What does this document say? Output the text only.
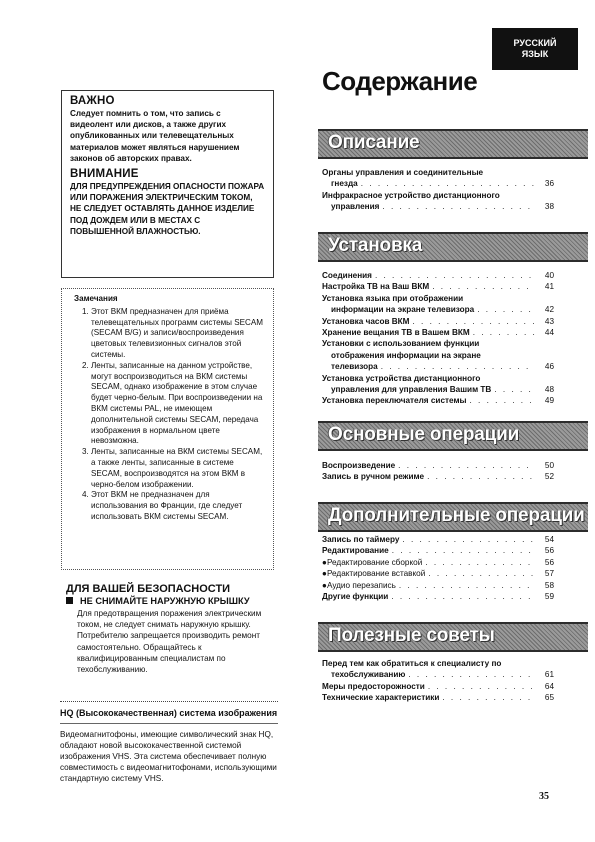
РУССКИЙ
ЯЗЫК
Содержание
ВАЖНО
Следует помнить о том, что запись с видеолент или дисков, а также других опубликованных или телевещательных материалов может являться нарушением законов об авторских правах.
ВНИМАНИЕ
ДЛЯ ПРЕДУПРЕЖДЕНИЯ ОПАСНОСТИ ПОЖАРА ИЛИ ПОРАЖЕНИЯ ЭЛЕКТРИЧЕСКИМ ТОКОМ, НЕ СЛЕДУЕТ ОСТАВЛЯТЬ ДАННОЕ ИЗДЕЛИЕ ПОД ДОЖДЕМ ИЛИ В МЕСТАХ С ПОВЫШЕННОЙ ВЛАЖНОСТЬЮ.
Замечания
1. Этот ВКМ предназначен для приёма телевещательных программ системы SECAM (SECAM B/G) и записи/воспроизведения цветовых телевизионных сигналов этой системы.
2. Ленты, записанные на данном устройстве, могут воспроизводиться на ВКМ системы SECAM, однако изображение в этом случае будет черно-белым. При воспроизведении на ВКМ системы PAL, не имеющем дополнительной системы SECAM, передача изображения в нормальном цвете невозможна.
3. Ленты, записанные на ВКМ системы SECAM, а также ленты, записанные в системе SECAM, воспроизводятся на этом ВКМ в черно-белом изображении.
4. Этот ВКМ не предназначен для использования во Франции, где следует использовать ВКМ системы SECAM.
ДЛЯ ВАШЕЙ БЕЗОПАСНОСТИ
НЕ СНИМАЙТЕ НАРУЖНУЮ КРЫШКУ
Для предотвращения поражения электрическим током, не следует снимать наружную крышку. Потребителю запрещается производить ремонт самостоятельно. Обращайтесь к квалифицированным специалистам по техобслуживанию.
HQ (Высококачественная) система изображения
Видеомагнитофоны, имеющие символический знак HQ, обладают новой высококачественной системой изображения VHS. Эта система обеспечивает полную совместимость с видеомагнитофонами, использующими стандартную систему VHS.
Описание
Установка
Основные операции
Дополнительные операции
Полезные советы
Органы управления и соединительные
гнезда . . .	36
Инфракрасное устройство дистанционного
управления . . .	38
Соединения . . .	40
Настройка ТВ на Ваш ВКМ . . .	41
Установка языка при отображении
информации на экране телевизора . . .	42
Установка часов ВКМ . . .	43
Хранение вещания ТВ в Вашем ВКМ . . .	44
Установки с использованием функции
отображения информации на экране
телевизора . . .	46
Установка устройства дистанционного
управления для управления Вашим ТВ . . .	48
Установка переключателя системы . . .	49
Воспроизведение . . .	50
Запись в ручном режиме . . .	52
Запись по таймеру . . .	54
Редактирование . . .	56
●Редактирование сборкой . . .	56
●Редактирование вставкой . . .	57
●Аудио перезапись . . .	58
Другие функции . . .	59
Перед тем как обратиться к специалисту по
техобслуживанию . . .	61
Меры предосторожности . . .	64
Технические характеристики . . .	65
35
